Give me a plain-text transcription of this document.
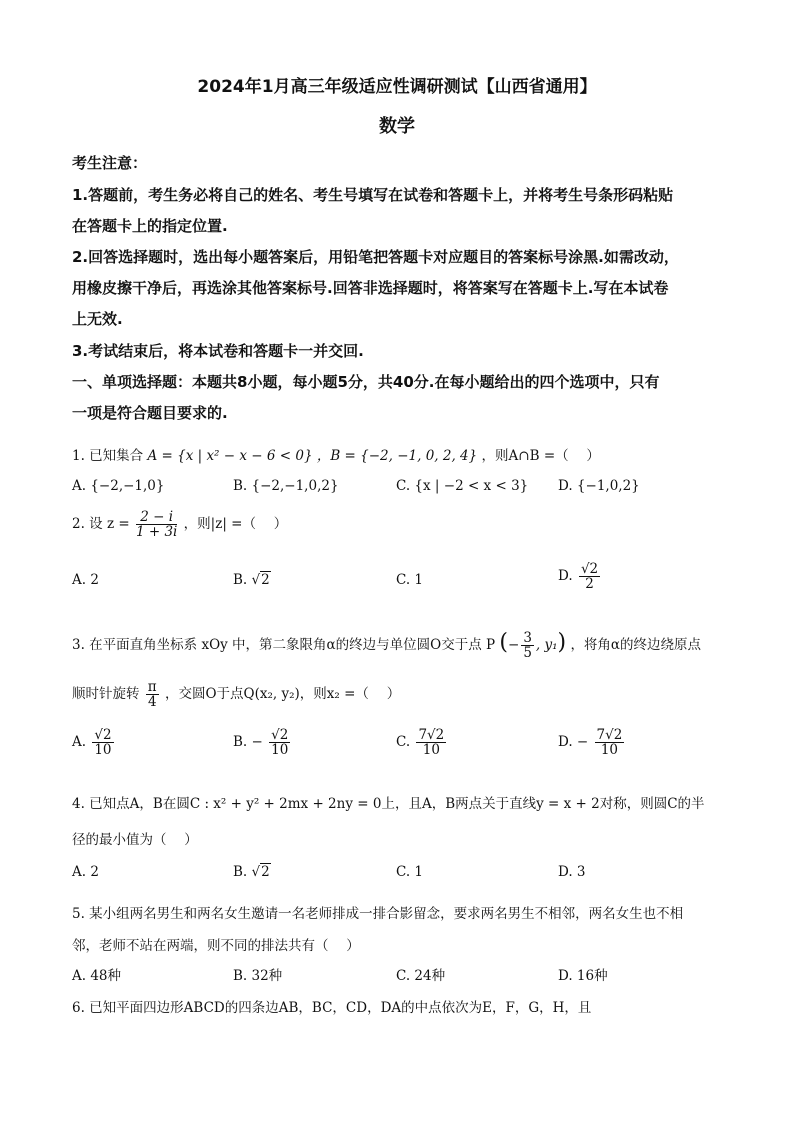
2024年1月高三年级适应性调研测试【山西省通用】
数学
考生注意：
1.答题前，考生务必将自己的姓名、考生号填写在试卷和答题卡上，并将考生号条形码粘贴
在答题卡上的指定位置.
2.回答选择题时，选出每小题答案后，用铅笔把答题卡对应题目的答案标号涂黑.如需改动，
用橡皮擦干净后，再选涂其他答案标号.回答非选择题时，将答案写在答题卡上.写在本试卷
上无效.
3.考试结束后，将本试卷和答题卡一并交回.
一、单项选择题：本题共8小题，每小题5分，共40分.在每小题给出的四个选项中，只有
一项是符合题目要求的.
1. 已知集合 A = {x | x² − x − 6 < 0} ，B = {−2, −1, 0, 2, 4} ，则A∩B =（　 ）
A. {−2,−1,0}	B. {−2,−1,0,2}	C. {x | −2 < x < 3} D. {−1,0,2}
2. 设 $z = \frac{2 - i}{1 + 3i}$ ，则|z| =（　 ）
A. 2	B. √2	C. 1	D. $\frac{√2}{2}$
3. 在平面直角坐标系 xOy 中，第二象限角α的终边与单位圆O交于点 P (− $\frac{3}{5}$ , y₁) ，将角α的终边绕原点
顺时针旋转 $\frac{\pi}{4}$ ，交圆O于点Q(x₂, y₂)，则x₂ =（　 ）
A. $\frac{√2}{10}$	B. − $\frac{√2}{10}$	C. $\frac{7√2}{10}$	D. − $\frac{7√2}{10}$
4. 已知点A，B在圆C : x² + y² + 2mx + 2ny = 0上，且A，B两点关于直线y = x + 2对称，则圆C的半
径的最小值为（　 ）
A. 2	B. √2	C. 1	D. 3
5. 某小组两名男生和两名女生邀请一名老师排成一排合影留念，要求两名男生不相邻，两名女生也不相
邻，老师不站在两端，则不同的排法共有（　 ）
A. 48种	B. 32种	C. 24种	D. 16种
6. 已知平面四边形ABCD的四条边AB，BC，CD，DA的中点依次为E，F，G，H，且
